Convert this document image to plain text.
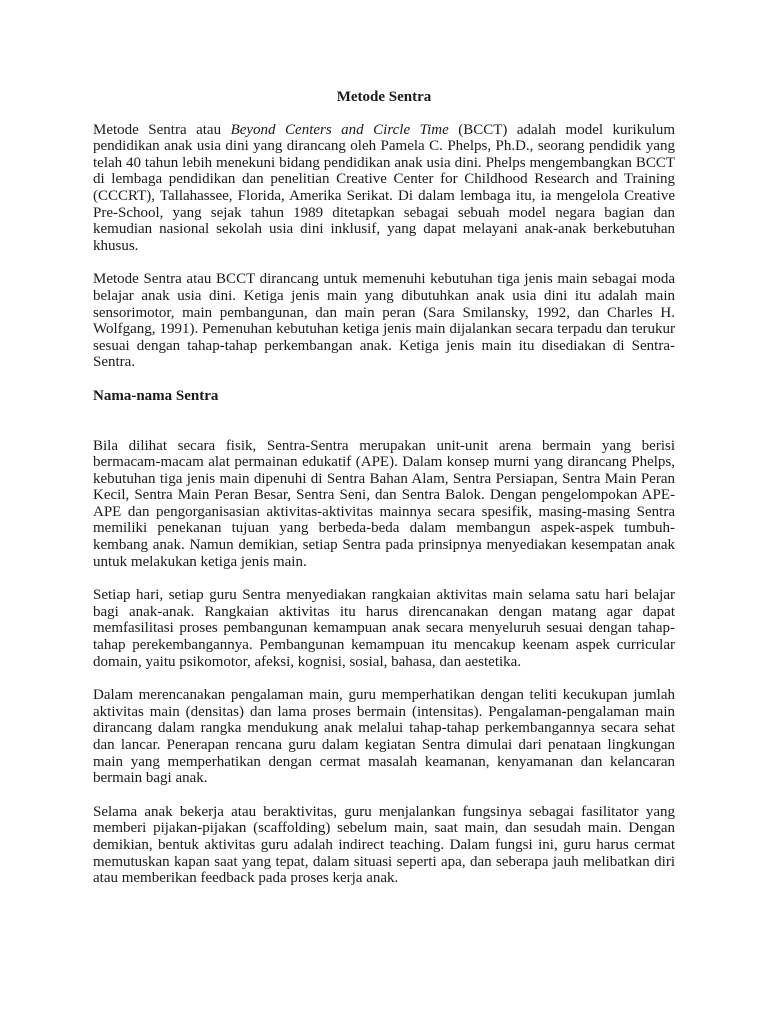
Metode Sentra

Metode Sentra atau Beyond Centers and Circle Time (BCCT) adalah model kurikulum pendidikan anak usia dini yang dirancang oleh Pamela C. Phelps, Ph.D., seorang pendidik yang telah 40 tahun lebih menekuni bidang pendidikan anak usia dini. Phelps mengembangkan BCCT di lembaga pendidikan dan penelitian Creative Center for Childhood Research and Training (CCCRT), Tallahassee, Florida, Amerika Serikat. Di dalam lembaga itu, ia mengelola Creative Pre-School, yang sejak tahun 1989 ditetapkan sebagai sebuah model negara bagian dan kemudian nasional sekolah usia dini inklusif, yang dapat melayani anak-anak berkebutuhan khusus.

Metode Sentra atau BCCT dirancang untuk memenuhi kebutuhan tiga jenis main sebagai moda belajar anak usia dini. Ketiga jenis main yang dibutuhkan anak usia dini itu adalah main sensorimotor, main pembangunan, dan main peran (Sara Smilansky, 1992, dan Charles H. Wolfgang, 1991). Pemenuhan kebutuhan ketiga jenis main dijalankan secara terpadu dan terukur sesuai dengan tahap-tahap perkembangan anak. Ketiga jenis main itu disediakan di Sentra-Sentra.

Nama-nama Sentra

Bila dilihat secara fisik, Sentra-Sentra merupakan unit-unit arena bermain yang berisi bermacam-macam alat permainan edukatif (APE). Dalam konsep murni yang dirancang Phelps, kebutuhan tiga jenis main dipenuhi di Sentra Bahan Alam, Sentra Persiapan, Sentra Main Peran Kecil, Sentra Main Peran Besar, Sentra Seni, dan Sentra Balok. Dengan pengelompokan APE-APE dan pengorganisasian aktivitas-aktivitas mainnya secara spesifik, masing-masing Sentra memiliki penekanan tujuan yang berbeda-beda dalam membangun aspek-aspek tumbuh-kembang anak. Namun demikian, setiap Sentra pada prinsipnya menyediakan kesempatan anak untuk melakukan ketiga jenis main.

Setiap hari, setiap guru Sentra menyediakan rangkaian aktivitas main selama satu hari belajar bagi anak-anak. Rangkaian aktivitas itu harus direncanakan dengan matang agar dapat memfasilitasi proses pembangunan kemampuan anak secara menyeluruh sesuai dengan tahap-tahap perekembangannya. Pembangunan kemampuan itu mencakup keenam aspek curricular domain, yaitu psikomotor, afeksi, kognisi, sosial, bahasa, dan aestetika.

Dalam merencanakan pengalaman main, guru memperhatikan dengan teliti kecukupan jumlah aktivitas main (densitas) dan lama proses bermain (intensitas). Pengalaman-pengalaman main dirancang dalam rangka mendukung anak melalui tahap-tahap perkembangannya secara sehat dan lancar. Penerapan rencana guru dalam kegiatan Sentra dimulai dari penataan lingkungan main yang memperhatikan dengan cermat masalah keamanan, kenyamanan dan kelancaran bermain bagi anak.

Selama anak bekerja atau beraktivitas, guru menjalankan fungsinya sebagai fasilitator yang memberi pijakan-pijakan (scaffolding) sebelum main, saat main, dan sesudah main. Dengan demikian, bentuk aktivitas guru adalah indirect teaching. Dalam fungsi ini, guru harus cermat memutuskan kapan saat yang tepat, dalam situasi seperti apa, dan seberapa jauh melibatkan diri atau memberikan feedback pada proses kerja anak.
